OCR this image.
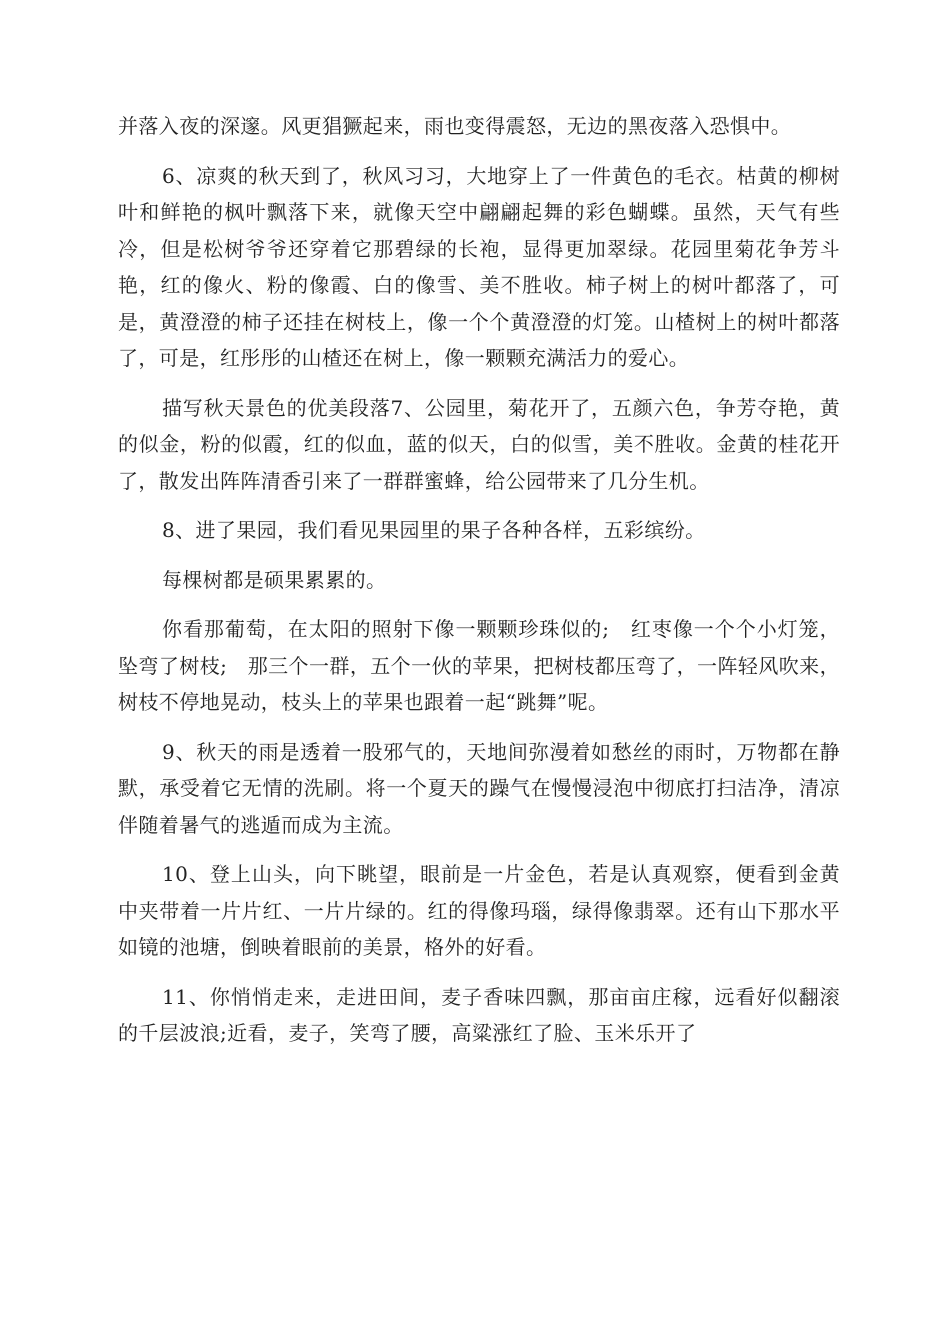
并落入夜的深邃。风更猖獗起来，雨也变得震怒，无边的黑夜落入恐惧中。

6、凉爽的秋天到了，秋风习习，大地穿上了一件黄色的毛衣。枯黄的柳树叶和鲜艳的枫叶飘落下来，就像天空中翩翩起舞的彩色蝴蝶。虽然，天气有些冷，但是松树爷爷还穿着它那碧绿的长袍，显得更加翠绿。花园里菊花争芳斗艳，红的像火、粉的像霞、白的像雪、美不胜收。柿子树上的树叶都落了，可是，黄澄澄的柿子还挂在树枝上，像一个个黄澄澄的灯笼。山楂树上的树叶都落了，可是，红彤彤的山楂还在树上，像一颗颗充满活力的爱心。

描写秋天景色的优美段落7、公园里，菊花开了，五颜六色，争芳夺艳，黄的似金，粉的似霞，红的似血，蓝的似天，白的似雪，美不胜收。金黄的桂花开了，散发出阵阵清香引来了一群群蜜蜂，给公园带来了几分生机。

8、进了果园，我们看见果园里的果子各种各样，五彩缤纷。

每棵树都是硕果累累的。

你看那葡萄，在太阳的照射下像一颗颗珍珠似的;　红枣像一个个小灯笼，坠弯了树枝;　那三个一群，五个一伙的苹果，把树枝都压弯了，一阵轻风吹来，树枝不停地晃动，枝头上的苹果也跟着一起“跳舞”呢。

9、秋天的雨是透着一股邪气的，天地间弥漫着如愁丝的雨时，万物都在静默，承受着它无情的洗刷。将一个夏天的躁气在慢慢浸泡中彻底打扫洁净，清凉伴随着暑气的逃遁而成为主流。

10、登上山头，向下眺望，眼前是一片金色，若是认真观察，便看到金黄中夹带着一片片红、一片片绿的。红的得像玛瑙，绿得像翡翠。还有山下那水平如镜的池塘，倒映着眼前的美景，格外的好看。

11、你悄悄走来，走进田间，麦子香味四飘，那亩亩庄稼，远看好似翻滚的千层波浪;近看，麦子，笑弯了腰，高粱涨红了脸、玉米乐开了
